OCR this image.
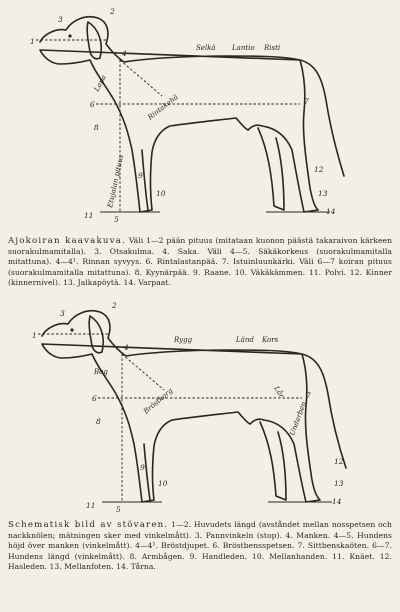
Selkä Lantio Risti
Lapa
Rintakehä
Etujalan pituus
1
2
3
4
5
6	7
8
9
10
11
12
13
14
Ajokoiran kaavakuva. Väli 1—2 pään pituus (mitataan kuonon päästä takaraivon kärkeen suorakulmamitalla). 3. Otsakulma. 4. Saka. Väli 4—5. Säkäkorkeus (suorakulmamitalla mitattuna). 4—4¹. Rinnan syvyys. 6. Rintalastanpää. 7. Istuinluunkärki. Väli 6—7 koiran pituus (suorakulmamitalla mitattuna). 8. Kyynärpää. 9. Raane. 10. Väkäkämmen. 11. Polvi. 12. Kinner (kinnernivel). 13. Jalkapöytä. 14. Varpaat.
Rygg	Länd Kors
Bog
Bröstkorg	Lår
Underben
1
2
3
4
5
6	7
8
9
10
11
12
13
14
Schematisk bild av stövaren. 1—2. Huvudets längd (avståndet mellan nosspetsen och nackknölen; mätningen sker med vinkelmått). 3. Pannvinkeln (stop). 4. Manken. 4—5. Hundens höjd över manken (vinkelmått). 4—4¹. Bröstdjupet. 6. Bröstbensspetsen. 7. Sittbenskaöten. 6—7. Hundens längd (vinkelmått). 8. Armbågen. 9. Handleden. 10. Mellanhanden. 11. Knäet. 12. Hasleden. 13. Mellanfoten. 14. Tårna.
